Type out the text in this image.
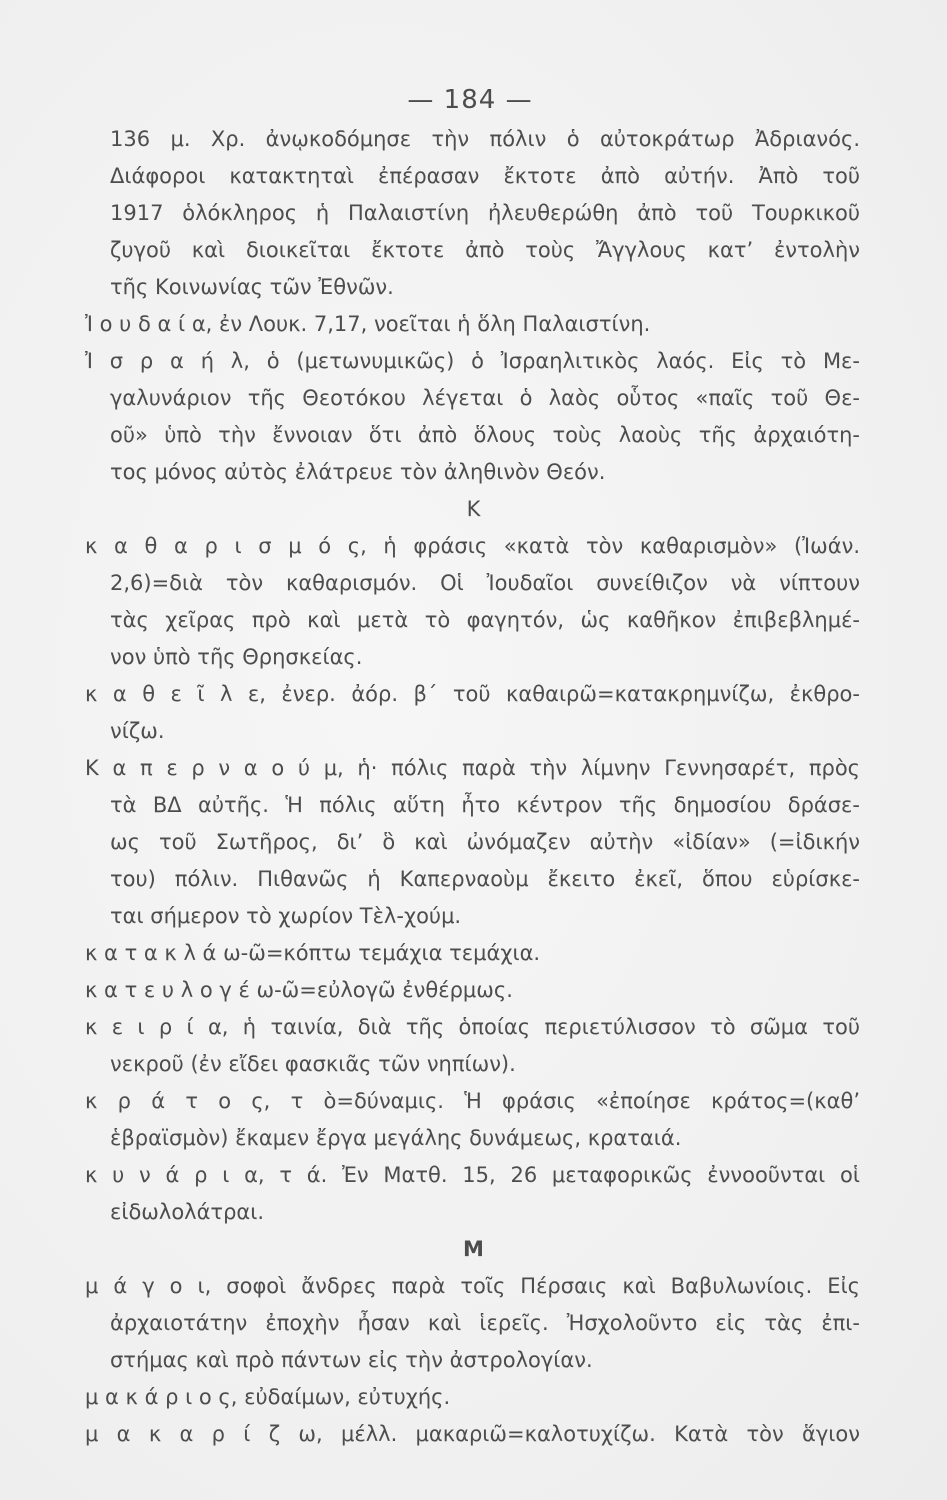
— 184 —
136 μ. Χρ. ἀνῳκοδόμησε τὴν πόλιν ὁ αὐτοκράτωρ Ἀδριανός.
Διάφοροι κατακτηταὶ ἐπέρασαν ἔκτοτε ἀπὸ αὐτήν. Ἀπὸ τοῦ
1917 ὁλόκληρος ἡ Παλαιστίνη ἠλευθερώθη ἀπὸ τοῦ Τουρκικοῦ
ζυγοῦ καὶ διοικεῖται ἔκτοτε ἀπὸ τοὺς Ἄγγλους κατ’ ἐντολὴν
τῆς Κοινωνίας τῶν Ἐθνῶν.
Ἰ ο υ δ α ί α, ἐν Λουκ. 7,17, νοεῖται ἡ ὅλη Παλαιστίνη.
Ἰ σ ρ α ή λ, ὁ (μετωνυμικῶς) ὁ Ἰσραηλιτικὸς λαός. Εἰς τὸ Με-
γαλυνάριον τῆς Θεοτόκου λέγεται ὁ λαὸς οὗτος «παῖς τοῦ Θε-
οῦ» ὑπὸ τὴν ἔννοιαν ὅτι ἀπὸ ὅλους τοὺς λαοὺς τῆς ἀρχαιότη-
τος μόνος αὐτὸς ἐλάτρευε τὸν ἀληθινὸν Θεόν.
Κ
κ α θ α ρ ι σ μ ό ς, ἡ φράσις «κατὰ τὸν καθαρισμὸν» (Ἰωάν.
2,6)=διὰ τὸν καθαρισμόν. Οἱ Ἰουδαῖοι συνείθιζον νὰ νίπτουν
τὰς χεῖρας πρὸ καὶ μετὰ τὸ φαγητόν, ὡς καθῆκον ἐπιβεβλημέ-
νον ὑπὸ τῆς Θρησκείας.
κ α θ ε ῖ λ ε, ἐνερ. ἀόρ. β΄ τοῦ καθαιρῶ=κατακρημνίζω, ἐκθρο-
νίζω.
Κ α π ε ρ ν α ο ύ μ, ἡ· πόλις παρὰ τὴν λίμνην Γεννησαρέτ, πρὸς
τὰ ΒΔ αὐτῆς. Ἡ πόλις αὕτη ἦτο κέντρον τῆς δημοσίου δράσε-
ως τοῦ Σωτῆρος, δι’ ὃ καὶ ὠνόμαζεν αὐτὴν «ἰδίαν» (=ἰδικήν
του) πόλιν. Πιθανῶς ἡ Καπερναοὺμ ἔκειτο ἐκεῖ, ὅπου εὑρίσκε-
ται σήμερον τὸ χωρίον Τὲλ-χούμ.
κ α τ α κ λ ά ω-ῶ=κόπτω τεμάχια τεμάχια.
κ α τ ε υ λ ο γ έ ω-ῶ=εὐλογῶ ἐνθέρμως.
κ ε ι ρ ί α, ἡ ταινία, διὰ τῆς ὁποίας περιετύλισσον τὸ σῶμα τοῦ
νεκροῦ (ἐν εἴδει φασκιᾶς τῶν νηπίων).
κ ρ ά τ ο ς, τ ὸ=δύναμις. Ἡ φράσις «ἐποίησε κράτος=(καθ’
ἑβραϊσμὸν) ἔκαμεν ἔργα μεγάλης δυνάμεως, κραταιά.
κ υ ν ά ρ ι α, τ ά. Ἐν Ματθ. 15, 26 μεταφορικῶς ἐννοοῦνται οἱ
εἰδωλολάτραι.
Μ
μ ά γ ο ι, σοφοὶ ἄνδρες παρὰ τοῖς Πέρσαις καὶ Βαβυλωνίοις. Εἰς
ἀρχαιοτάτην ἐποχὴν ἦσαν καὶ ἱερεῖς. Ἠσχολοῦντο εἰς τὰς ἐπι-
στήμας καὶ πρὸ πάντων εἰς τὴν ἀστρολογίαν.
μ α κ ά ρ ι ο ς, εὐδαίμων, εὐτυχής.
μ α κ α ρ ί ζ ω, μέλλ. μακαριῶ=καλοτυχίζω. Κατὰ τὸν ἅγιον
